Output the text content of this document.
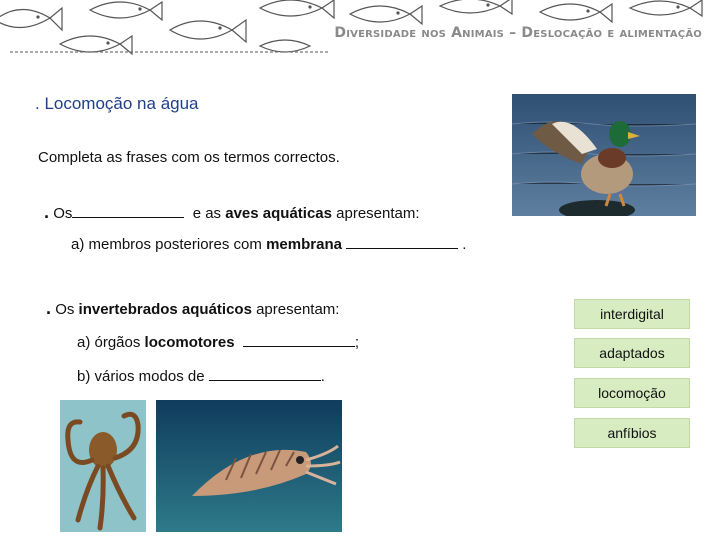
Diversidade nos Animais – Deslocação e alimentação
. Locomoção na água
Completa as frases com os termos correctos.
. Os	e as aves aquáticas apresentam:
a) membros posteriores com membrana	.
. Os invertebrados aquáticos apresentam:
a) órgãos locomotores	;
b) vários modos de	.
interdigital
adaptados
locomoção
anfíbios
